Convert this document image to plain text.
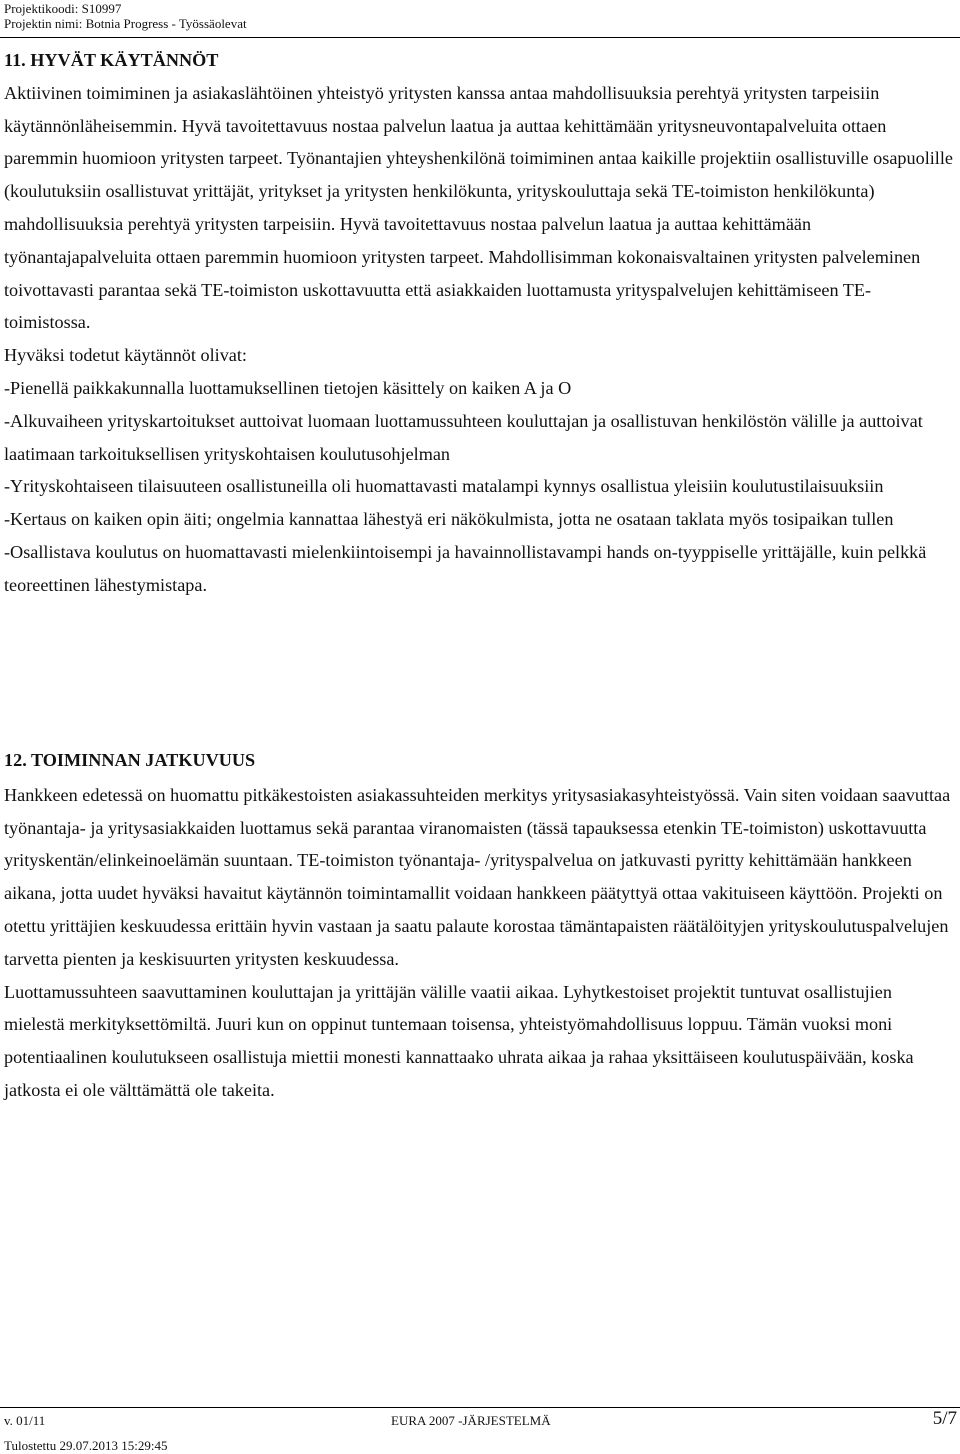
Projektikoodi: S10997
Projektin nimi: Botnia Progress - Työssäolevat

11. HYVÄT KÄYTÄNNÖT

Aktiivinen toimiminen ja asiakaslähtöinen yhteistyö yritysten kanssa antaa mahdollisuuksia perehtyä yritysten tarpeisiin käytännönläheisemmin. Hyvä tavoitettavuus nostaa palvelun laatua ja auttaa kehittämään yritysneuvontapalveluita ottaen paremmin huomioon yritysten tarpeet. Työnantajien yhteyshenkilönä toimiminen antaa kaikille projektiin osallistuville osapuolille (koulutuksiin osallistuvat yrittäjät, yritykset ja yritysten henkilökunta, yrityskouluttaja sekä TE-toimiston henkilökunta) mahdollisuuksia perehtyä yritysten tarpeisiin. Hyvä tavoitettavuus nostaa palvelun laatua ja auttaa kehittämään työnantajapalveluita ottaen paremmin huomioon yritysten tarpeet. Mahdollisimman kokonaisvaltainen yritysten palveleminen toivottavasti parantaa sekä TE-toimiston uskottavuutta että asiakkaiden luottamusta yrityspalvelujen kehittämiseen TE-toimistossa.

Hyväksi todetut käytännöt olivat:

-Pienellä paikkakunnalla luottamuksellinen tietojen käsittely on kaiken A ja O

-Alkuvaiheen yrityskartoitukset auttoivat luomaan luottamussuhteen kouluttajan ja osallistuvan henkilöstön välille ja auttoivat laatimaan tarkoituksellisen yrityskohtaisen koulutusohjelman

-Yrityskohtaiseen tilaisuuteen osallistuneilla oli huomattavasti matalampi kynnys osallistua yleisiin koulutustilaisuuksiin

-Kertaus on kaiken opin äiti; ongelmia kannattaa lähestyä eri näkökulmista, jotta ne osataan taklata myös tosipaikan tullen

-Osallistava koulutus on huomattavasti mielenkiintoisempi ja havainnollistavampi hands on-tyyppiselle yrittäjälle, kuin pelkkä teoreettinen lähestymistapa.

12. TOIMINNAN JATKUVUUS

Hankkeen edetessä on huomattu pitkäkestoisten asiakassuhteiden merkitys yritysasiakasyhteistyössä. Vain siten voidaan saavuttaa työnantaja- ja yritysasiakkaiden luottamus sekä parantaa viranomaisten (tässä tapauksessa etenkin TE-toimiston) uskottavuutta yrityskentän/elinkeinoelämän suuntaan. TE-toimiston työnantaja- /yrityspalvelua on jatkuvasti pyritty kehittämään hankkeen aikana, jotta uudet hyväksi havaitut käytännön toimintamallit voidaan hankkeen päätyttyä ottaa vakituiseen käyttöön. Projekti on otettu yrittäjien keskuudessa erittäin hyvin vastaan ja saatu palaute korostaa tämäntapaisten räätälöityjen yrityskoulutuspalvelujen tarvetta pienten ja keskisuurten yritysten keskuudessa.

Luottamussuhteen saavuttaminen kouluttajan ja yrittäjän välille vaatii aikaa. Lyhytkestoiset projektit tuntuvat osallistujien mielestä merkityksettömiltä. Juuri kun on oppinut tuntemaan toisensa, yhteistyömahdollisuus loppuu. Tämän vuoksi moni potentiaalinen koulutukseen osallistuja miettii monesti kannattaako uhrata aikaa ja rahaa yksittäiseen koulutuspäivään, koska jatkosta ei ole välttämättä ole takeita.

v. 01/11	EURA 2007 -JÄRJESTELMÄ	5/7
Tulostettu 29.07.2013 15:29:45
